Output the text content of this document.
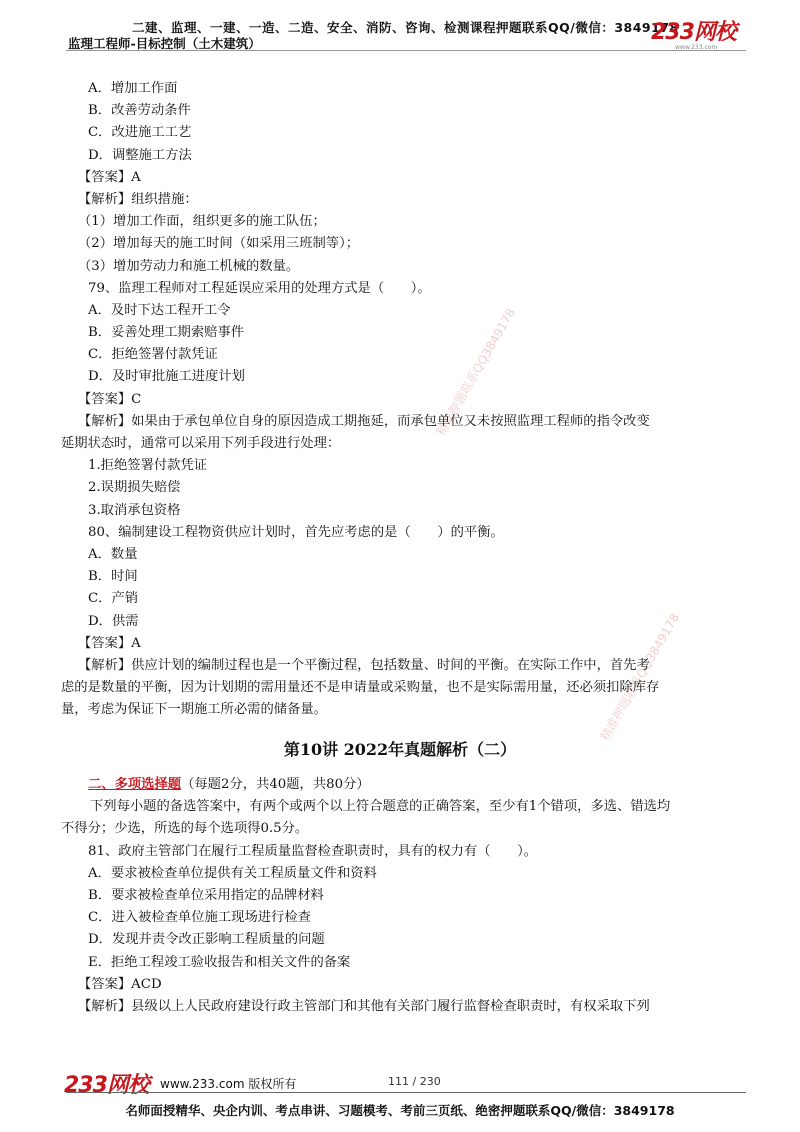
二建、监理、一建、一造、二造、安全、消防、咨询、检测课程押题联系QQ/微信：3849178
监理工程师-目标控制（土木建筑）	233网校
www.233.com
精准押题联系QQ3849178
精准押题联系QQ3849178
A．增加工作面
B．改善劳动条件
C．改进施工工艺
D．调整施工方法
【答案】A
【解析】组织措施：
（1）增加工作面，组织更多的施工队伍；
（2）增加每天的施工时间（如采用三班制等）；
（3）增加劳动力和施工机械的数量。
79、监理工程师对工程延误应采用的处理方式是（　　）。
A．及时下达工程开工令
B．妥善处理工期索赔事件
C．拒绝签署付款凭证
D．及时审批施工进度计划
【答案】C
【解析】如果由于承包单位自身的原因造成工期拖延，而承包单位又未按照监理工程师的指令改变
延期状态时，通常可以采用下列手段进行处理：
1.拒绝签署付款凭证
2.误期损失赔偿
3.取消承包资格
80、编制建设工程物资供应计划时，首先应考虑的是（　　）的平衡。
A．数量
B．时间
C．产销
D．供需
【答案】A
【解析】供应计划的编制过程也是一个平衡过程，包括数量、时间的平衡。在实际工作中，首先考
虑的是数量的平衡，因为计划期的需用量还不是申请量或采购量，也不是实际需用量，还必须扣除库存
量，考虑为保证下一期施工所必需的储备量。
第10讲 2022年真题解析（二）
二、多项选择题（每题2分，共40题，共80分）
下列每小题的备选答案中，有两个或两个以上符合题意的正确答案，至少有1个错项，多选、错选均
不得分；少选，所选的每个选项得0.5分。
81、政府主管部门在履行工程质量监督检查职责时，具有的权力有（　　）。
A．要求被检查单位提供有关工程质量文件和资料
B．要求被检查单位采用指定的品牌材料
C．进入被检查单位施工现场进行检查
D．发现并责令改正影响工程质量的问题
E．拒绝工程竣工验收报告和相关文件的备案
【答案】ACD
【解析】县级以上人民政府建设行政主管部门和其他有关部门履行监督检查职责时，有权采取下列
233网校 www.233.com 版权所有	111 / 230
名师面授精华、央企内训、考点串讲、习题模考、考前三页纸、绝密押题联系QQ/微信：3849178
